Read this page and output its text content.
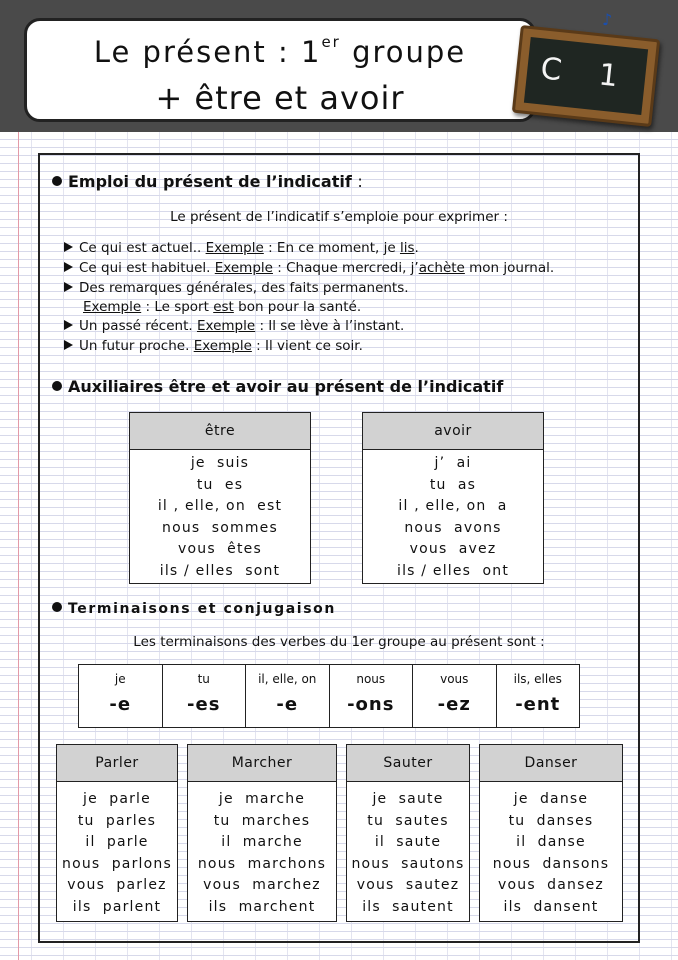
♪
Le présent : 1er groupe
+ être et avoir
C 1
Emploi du présent de l’indicatif :
Le présent de l’indicatif s’emploie pour exprimer :
Ce qui est actuel.. Exemple : En ce moment, je lis.
Ce qui est habituel. Exemple : Chaque mercredi, j’achète mon journal.
Des remarques générales, des faits permanents.
Exemple : Le sport est bon pour la santé.
Un passé récent. Exemple : Il se lève à l’instant.
Un futur proche. Exemple : Il vient ce soir.
Auxiliaires être et avoir au présent de l’indicatif
être
je  suis
tu  es
il , elle, on  est
nous  sommes
vous  êtes
ils / elles  sont
avoir
j’  ai
tu  as
il , elle, on  a
nous  avons
vous  avez
ils / elles  ont
Terminaisons et conjugaison
Les terminaisons des verbes du 1er groupe au présent sont :
je
-e
tu
-es
il, elle, on
-e
nous
-ons
vous
-ez
ils, elles
-ent
Parler
je  parle
tu  parles
il  parle
nous  parlons
vous  parlez
ils  parlent
Marcher
je  marche
tu  marches
il  marche
nous  marchons
vous  marchez
ils  marchent
Sauter
je  saute
tu  sautes
il  saute
nous  sautons
vous  sautez
ils  sautent
Danser
je  danse
tu  danses
il  danse
nous  dansons
vous  dansez
ils  dansent
